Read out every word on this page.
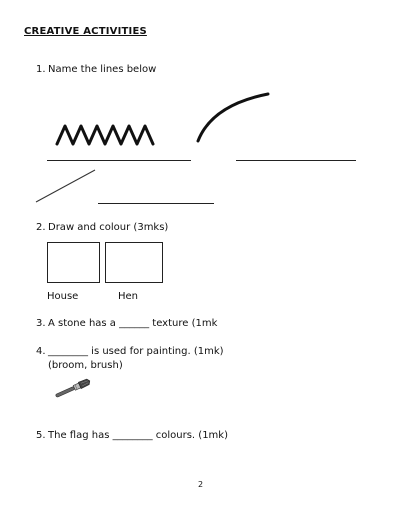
CREATIVE ACTIVITIES
1. Name the lines below
2. Draw and colour (3mks)
House	Hen
3. A stone has a ______ texture (1mk
4. ________ is used for painting. (1mk)
(broom, brush)
5. The flag has ________ colours. (1mk)
2
